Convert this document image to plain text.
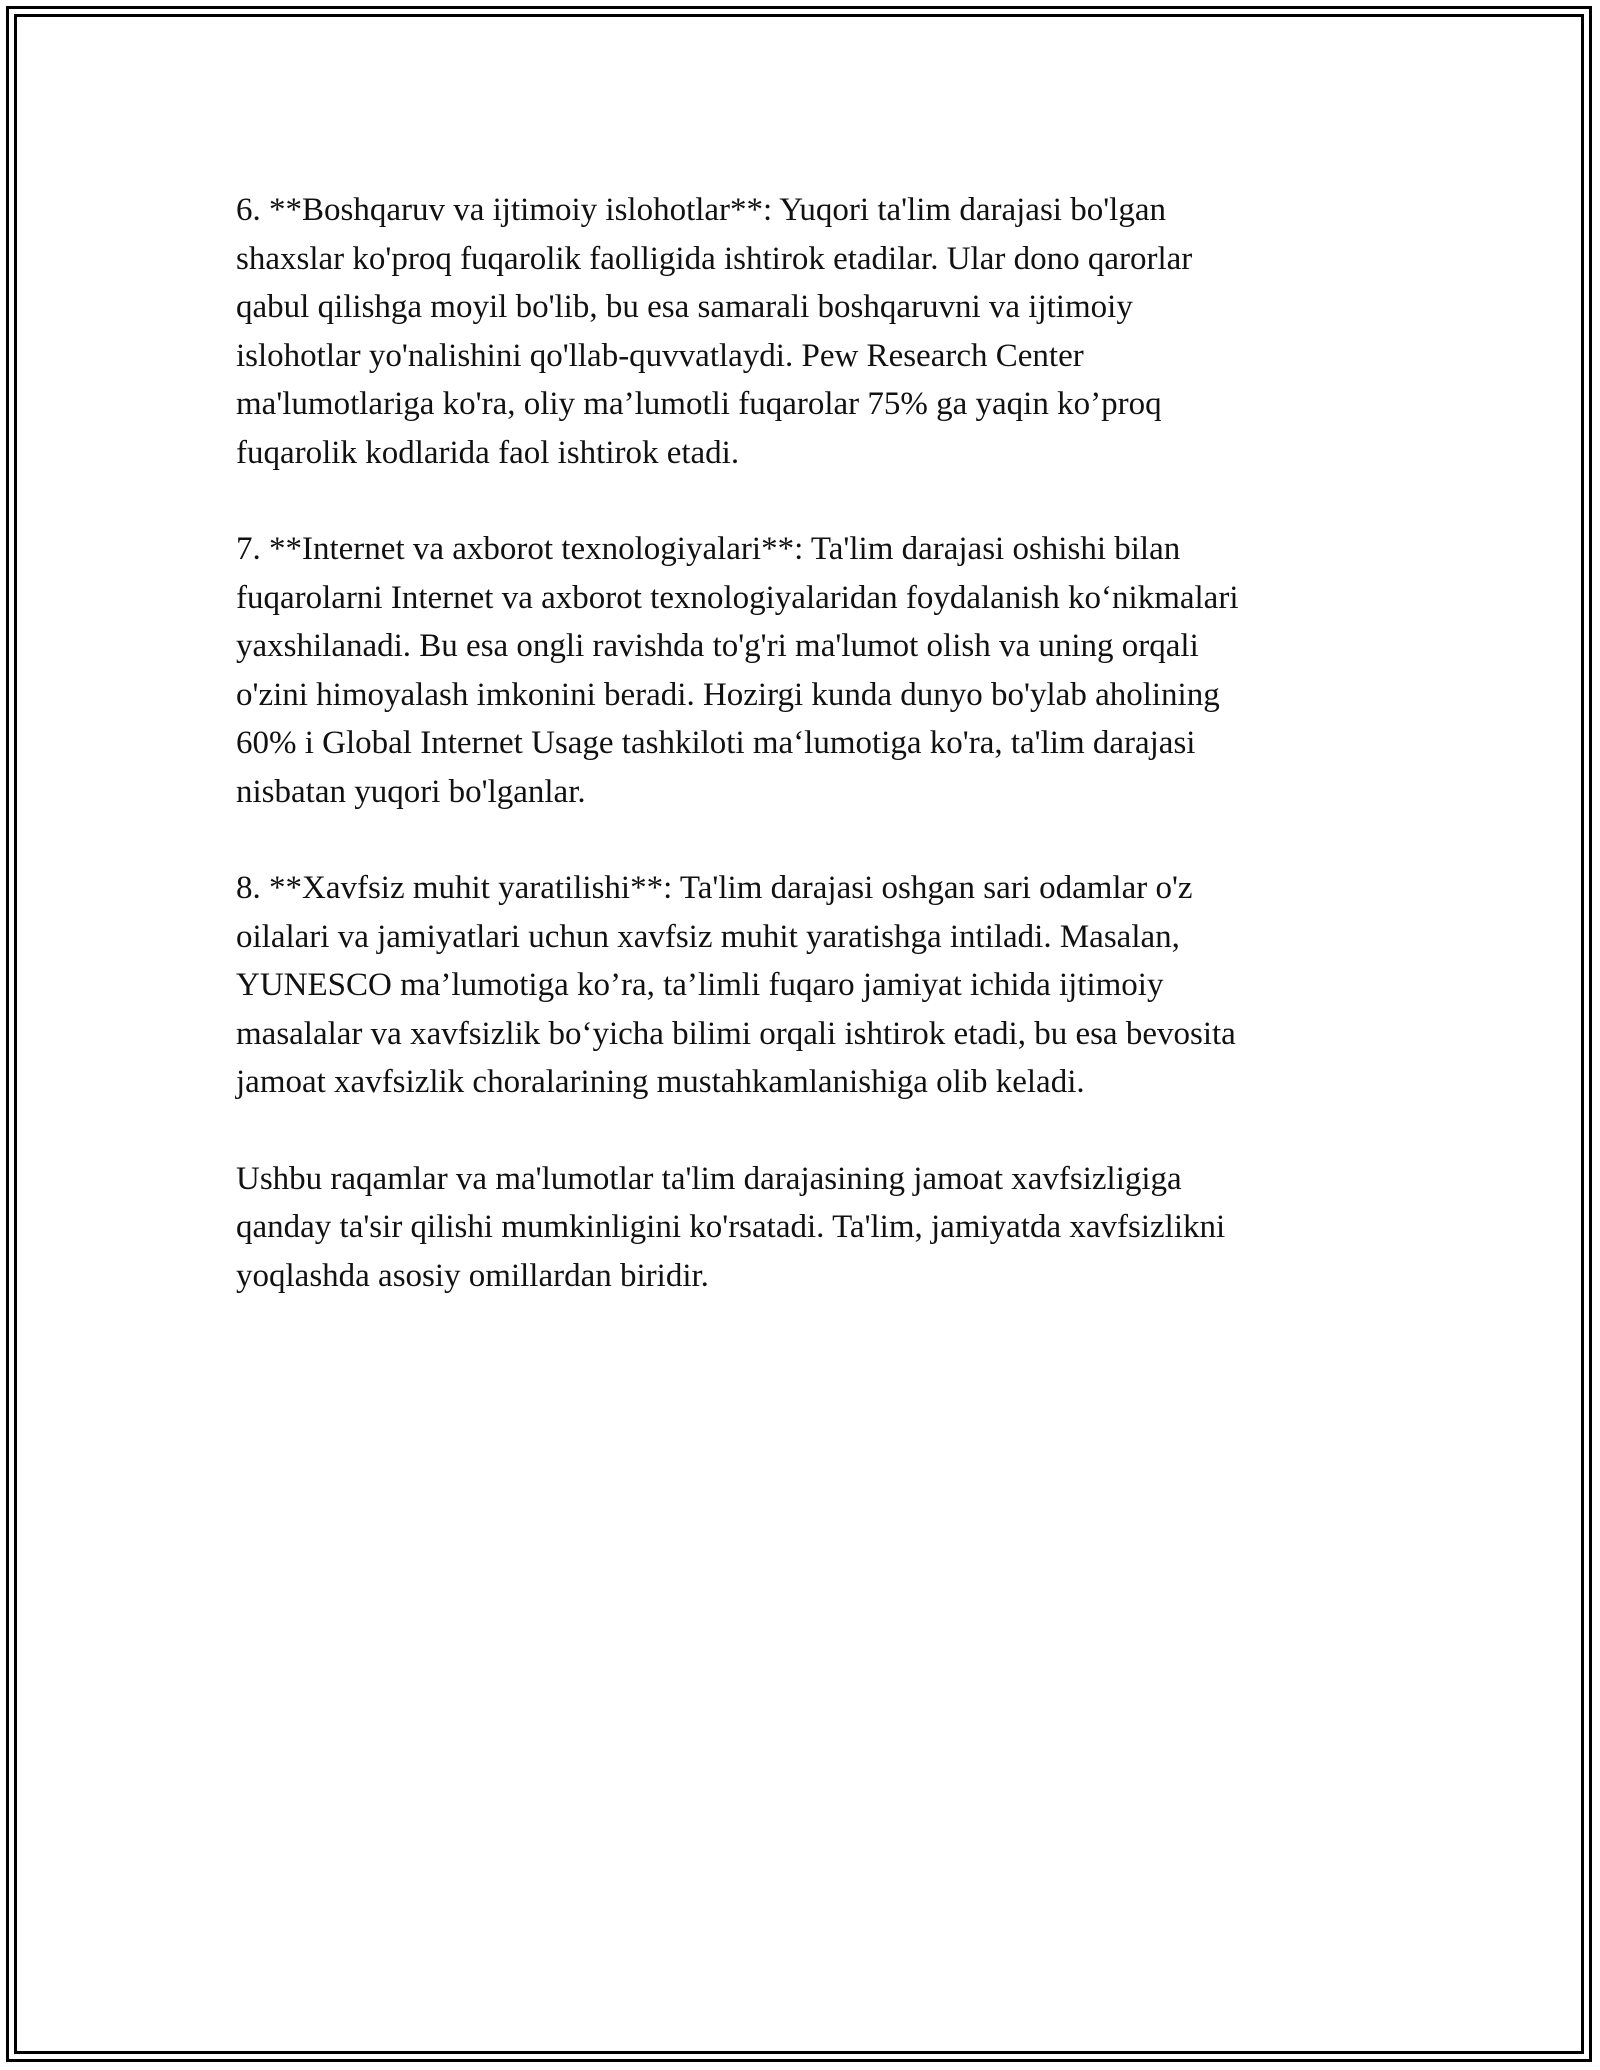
6. **Boshqaruv va ijtimoiy islohotlar**: Yuqori ta'lim darajasi bo'lgan
shaxslar ko'proq fuqarolik faolligida ishtirok etadilar. Ular dono qarorlar
qabul qilishga moyil bo'lib, bu esa samarali boshqaruvni va ijtimoiy
islohotlar yo'nalishini qo'llab-quvvatlaydi. Pew Research Center
ma'lumotlariga ko'ra, oliy ma’lumotli fuqarolar 75% ga yaqin ko’proq
fuqarolik kodlarida faol ishtirok etadi.

7. **Internet va axborot texnologiyalari**: Ta'lim darajasi oshishi bilan
fuqarolarni Internet va axborot texnologiyalaridan foydalanish ko‘nikmalari
yaxshilanadi. Bu esa ongli ravishda to'g'ri ma'lumot olish va uning orqali
o'zini himoyalash imkonini beradi. Hozirgi kunda dunyo bo'ylab aholining
60% i Global Internet Usage tashkiloti ma‘lumotiga ko'ra, ta'lim darajasi
nisbatan yuqori bo'lganlar.

8. **Xavfsiz muhit yaratilishi**: Ta'lim darajasi oshgan sari odamlar o'z
oilalari va jamiyatlari uchun xavfsiz muhit yaratishga intiladi. Masalan,
YUNESCO ma’lumotiga ko’ra, ta’limli fuqaro jamiyat ichida ijtimoiy
masalalar va xavfsizlik bo‘yicha bilimi orqali ishtirok etadi, bu esa bevosita
jamoat xavfsizlik choralarining mustahkamlanishiga olib keladi.

Ushbu raqamlar va ma'lumotlar ta'lim darajasining jamoat xavfsizligiga
qanday ta'sir qilishi mumkinligini ko'rsatadi. Ta'lim, jamiyatda xavfsizlikni
yoqlashda asosiy omillardan biridir.
